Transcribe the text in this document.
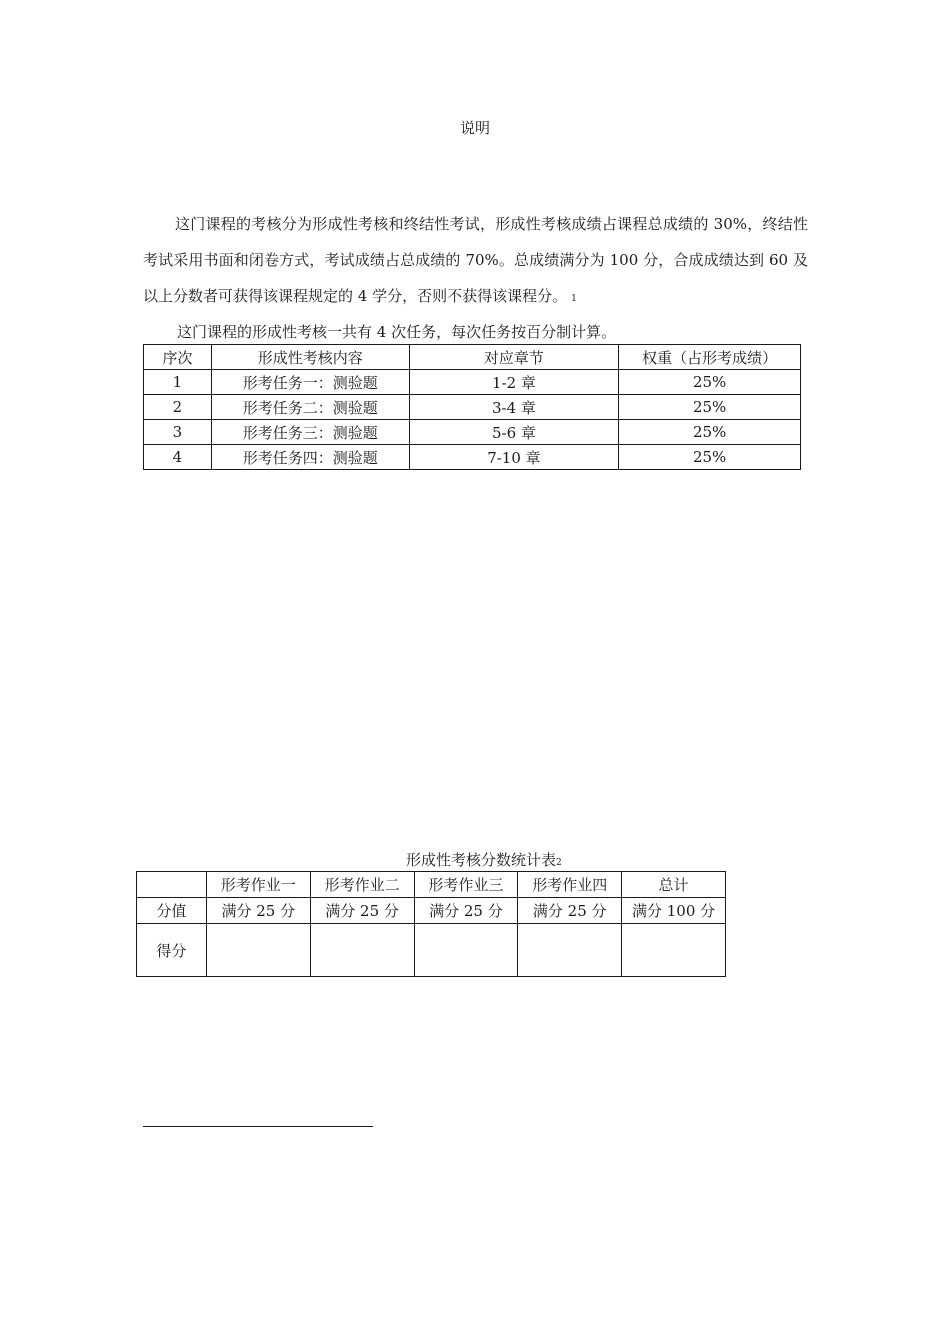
说明

这门课程的考核分为形成性考核和终结性考试，形成性考核成绩占课程总成绩的 30%，终结性考试采用书面和闭卷方式，考试成绩占总成绩的 70%。总成绩满分为 100 分，合成成绩达到 60 及以上分数者可获得该课程规定的 4 学分，否则不获得该课程分。 1

这门课程的形成性考核一共有 4 次任务，每次任务按百分制计算。
序次	形成性考核内容	对应章节	权重（占形考成绩）
1	形考任务一：测验题	1-2 章	25%
2	形考任务二：测验题	3-4 章	25%
3	形考任务三：测验题	5-6 章	25%
4	形考任务四：测验题	7-10 章	25%
形成性考核分数统计表2
	形考作业一	形考作业二	形考作业三	形考作业四	总计
分值	满分 25 分	满分 25 分	满分 25 分	满分 25 分	满分 100 分
得分					
